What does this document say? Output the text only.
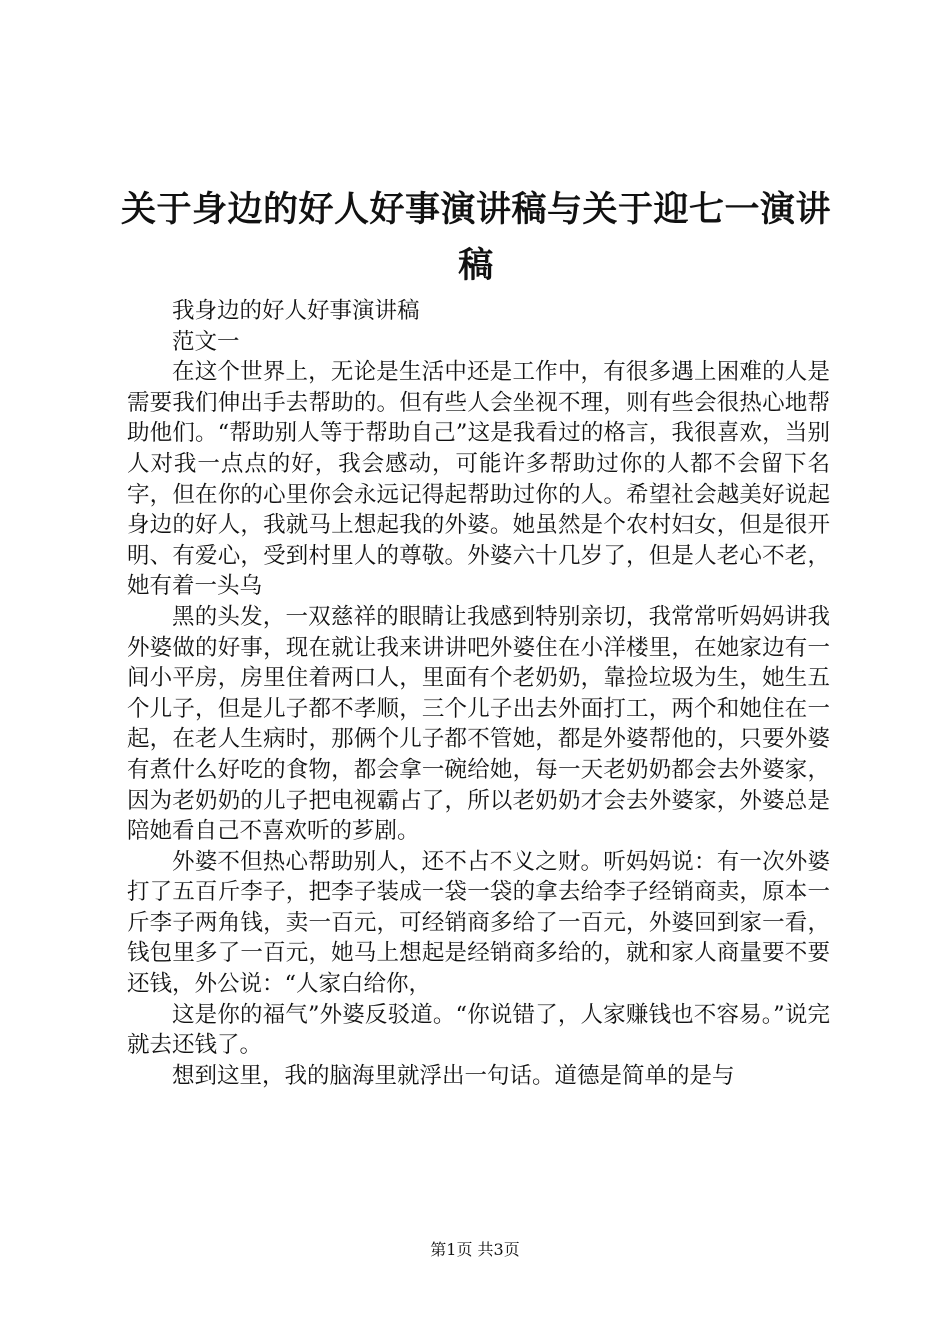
关于身边的好人好事演讲稿与关于迎七一演讲稿

我身边的好人好事演讲稿

范文一

在这个世界上，无论是生活中还是工作中，有很多遇上困难的人是需要我们伸出手去帮助的。但有些人会坐视不理，则有些会很热心地帮助他们。“帮助别人等于帮助自己”这是我看过的格言，我很喜欢，当别人对我一点点的好，我会感动，可能许多帮助过你的人都不会留下名字，但在你的心里你会永远记得起帮助过你的人。希望社会越美好说起身边的好人，我就马上想起我的外婆。她虽然是个农村妇女，但是很开明、有爱心，受到村里人的尊敬。外婆六十几岁了，但是人老心不老，她有着一头乌

黑的头发，一双慈祥的眼睛让我感到特别亲切，我常常听妈妈讲我外婆做的好事，现在就让我来讲讲吧外婆住在小洋楼里，在她家边有一间小平房，房里住着两口人，里面有个老奶奶，靠捡垃圾为生，她生五个儿子，但是儿子都不孝顺，三个儿子出去外面打工，两个和她住在一起，在老人生病时，那俩个儿子都不管她，都是外婆帮他的，只要外婆有煮什么好吃的食物，都会拿一碗给她，每一天老奶奶都会去外婆家，因为老奶奶的儿子把电视霸占了，所以老奶奶才会去外婆家，外婆总是陪她看自己不喜欢听的芗剧。

外婆不但热心帮助别人，还不占不义之财。听妈妈说：有一次外婆打了五百斤李子，把李子装成一袋一袋的拿去给李子经销商卖，原本一斤李子两角钱，卖一百元，可经销商多给了一百元，外婆回到家一看，钱包里多了一百元，她马上想起是经销商多给的，就和家人商量要不要还钱，外公说：“人家白给你，

这是你的福气”外婆反驳道。“你说错了，人家赚钱也不容易。”说完就去还钱了。

想到这里，我的脑海里就浮出一句话。道德是简单的是与

第1页 共3页
